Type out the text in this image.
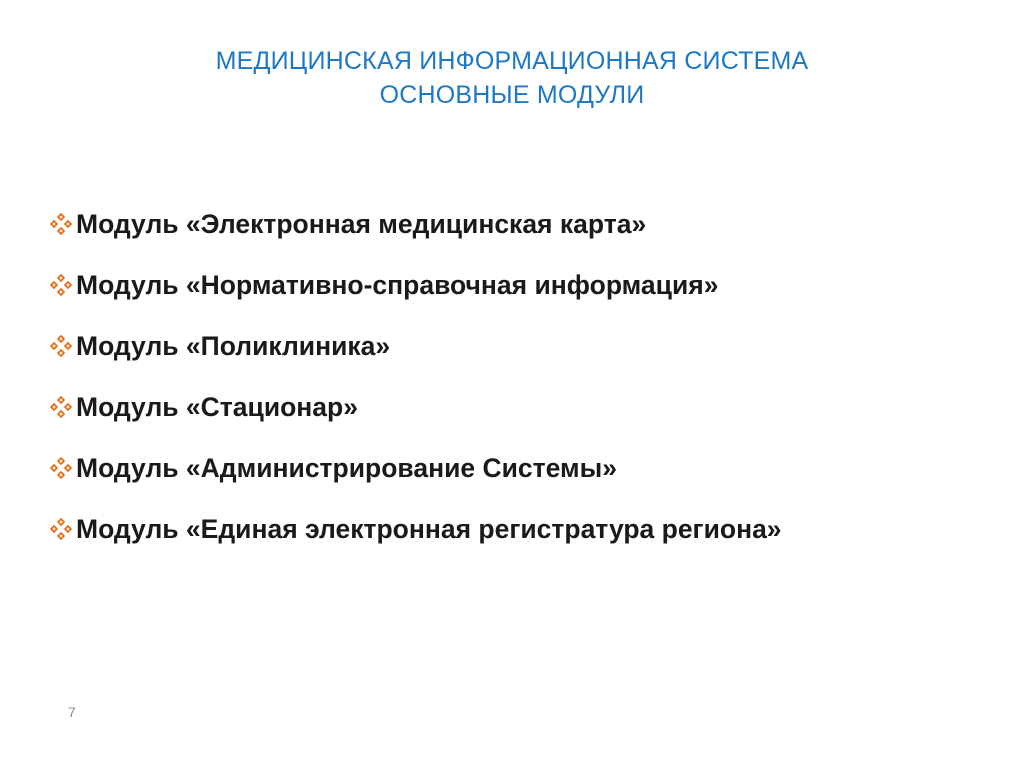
МЕДИЦИНСКАЯ ИНФОРМАЦИОННАЯ СИСТЕМА
ОСНОВНЫЕ МОДУЛИ
Модуль «Электронная медицинская карта»
Модуль «Нормативно-справочная информация»
Модуль «Поликлиника»
Модуль «Стационар»
Модуль «Администрирование Системы»
Модуль «Единая электронная регистратура региона»
7
